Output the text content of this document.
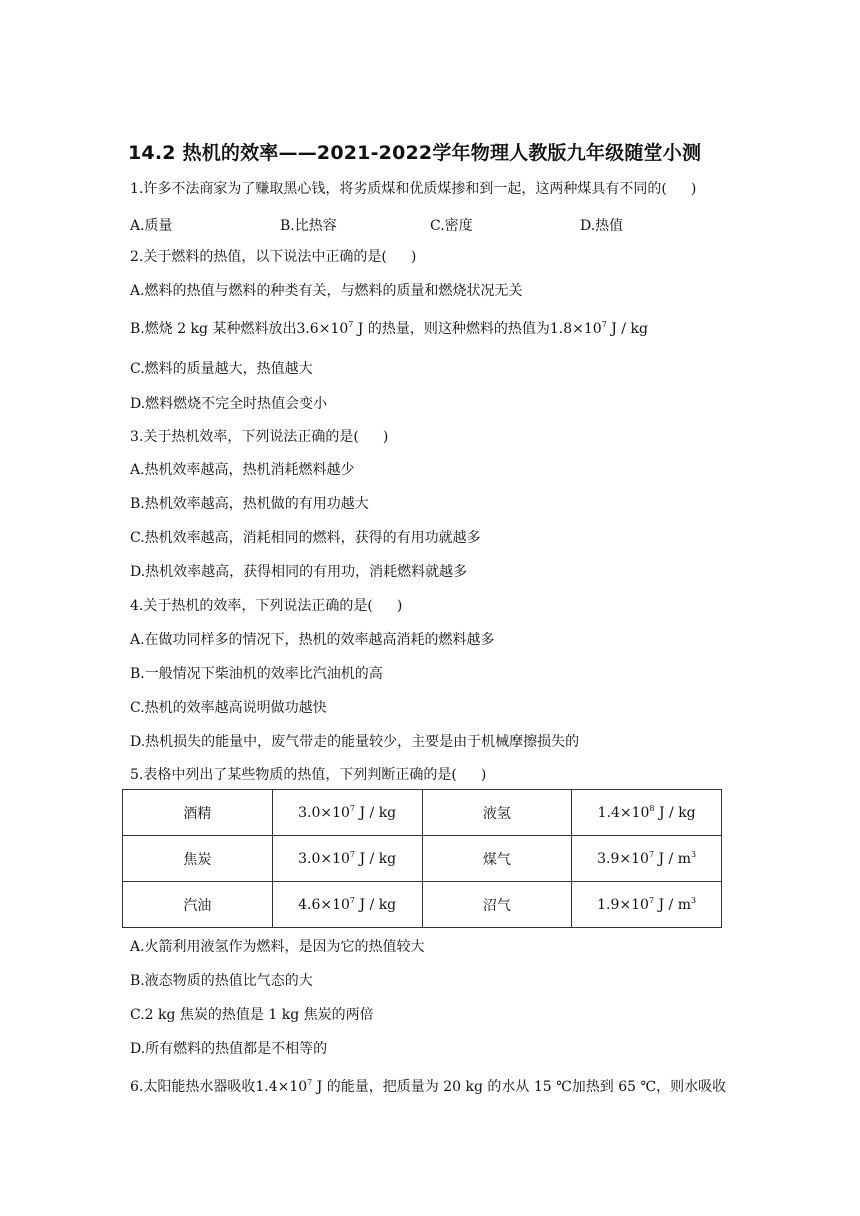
14.2 热机的效率——2021-2022学年物理人教版九年级随堂小测
1.许多不法商家为了赚取黑心钱，将劣质煤和优质煤掺和到一起，这两种煤具有不同的( )
A.质量	B.比热容	C.密度	D.热值
2.关于燃料的热值，以下说法中正确的是( )
A.燃料的热值与燃料的种类有关，与燃料的质量和燃烧状况无关
B.燃烧 2 kg 某种燃料放出$3.6\times 10^7$ J 的热量，则这种燃料的热值为$1.8\times 10^7$ J / kg
C.燃料的质量越大，热值越大
D.燃料燃烧不完全时热值会变小
3.关于热机效率，下列说法正确的是( )
A.热机效率越高，热机消耗燃料越少
B.热机效率越高，热机做的有用功越大
C.热机效率越高，消耗相同的燃料，获得的有用功就越多
D.热机效率越高，获得相同的有用功，消耗燃料就越多
4.关于热机的效率，下列说法正确的是( )
A.在做功同样多的情况下，热机的效率越高消耗的燃料越多
B.一般情况下柴油机的效率比汽油机的高
C.热机的效率越高说明做功越快
D.热机损失的能量中，废气带走的能量较少，主要是由于机械摩擦损失的
5.表格中列出了某些物质的热值，下列判断正确的是( )
酒精	$3.0\times 10^7$ J / kg	液氢	$1.4\times 10^8$ J / kg
焦炭	$3.0\times 10^7$ J / kg	煤气	$3.9\times 10^7$ J / $m^3$
汽油	$4.6\times 10^7$ J / kg	沼气	$1.9\times 10^7$ J / $m^3$
A.火箭利用液氢作为燃料，是因为它的热值较大
B.液态物质的热值比气态的大
C.2 kg 焦炭的热值是 1 kg 焦炭的两倍
D.所有燃料的热值都是不相等的
6.太阳能热水器吸收$1.4\times 10^7$ J 的能量，把质量为 20 kg 的水从 15 ℃加热到 65 ℃，则水吸收
